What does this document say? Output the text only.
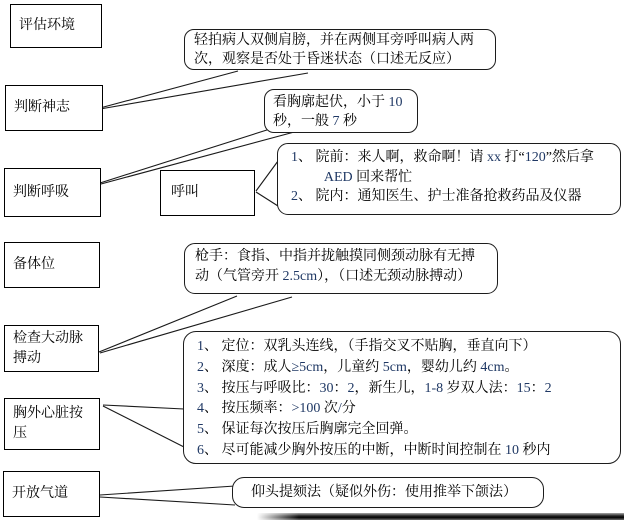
评估环境
判断神志
判断呼吸	呼叫
备体位
检查大动脉搏动
胸外心脏按压
开放气道
轻拍病人双侧肩膀，并在两侧耳旁呼叫病人两次，观察是否处于昏迷状态（口述无反应）
看胸廓起伏，小于 10 秒，一般 7 秒
1、 院前：来人啊，救命啊！请 xx 打“120”然后拿 AED 回来帮忙
2、 院内：通知医生、护士准备抢救药品及仪器
枪手：食指、中指并拢触摸同侧颈动脉有无搏动（气管旁开 2.5cm），（口述无颈动脉搏动）
1、 定位：双乳头连线，（手指交叉不贴胸，垂直向下）
2、 深度：成人≥5cm，儿童约 5cm，婴幼儿约 4cm。
3、 按压与呼吸比：30：2，新生儿，1-8 岁双人法：15：2
4、 按压频率：>100 次/分
5、 保证每次按压后胸廓完全回弹。
6、 尽可能减少胸外按压的中断，中断时间控制在 10 秒内
仰头提颏法（疑似外伤：使用推举下颌法）
